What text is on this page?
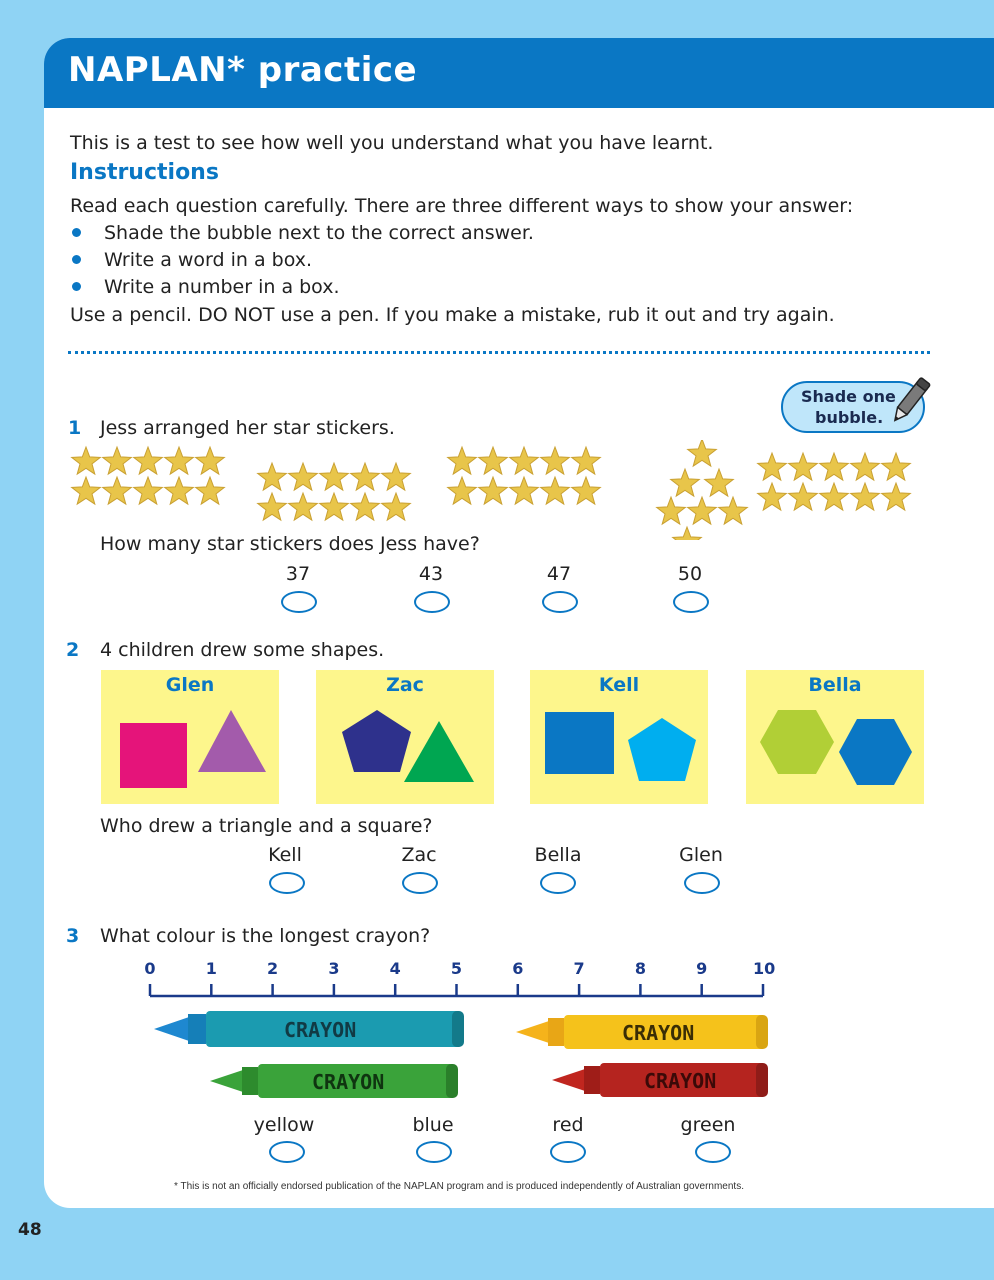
NAPLAN* practice
This is a test to see how well you understand what you have learnt.
Instructions
Read each question carefully. There are three different ways to show your answer:
Shade the bubble next to the correct answer.
Write a word in a box.
Write a number in a box.
Use a pencil. DO NOT use a pen. If you make a mistake, rub it out and try again.
Shade one
bubble.
1 Jess arranged her star stickers.
How many star stickers does Jess have?
37	43	47	50
2 4 children drew some shapes.
Glen	Zac	Kell	Bella
Who drew a triangle and a square?
Kell	Zac	Bella	Glen
3 What colour is the longest crayon?
0	1	2	3	4	5	6	7	8	9	10
CRAYON	CRAYON
CRAYON	CRAYON
yellow	blue	red	green
* This is not an officially endorsed publication of the NAPLAN program and is produced independently of Australian governments.
48
